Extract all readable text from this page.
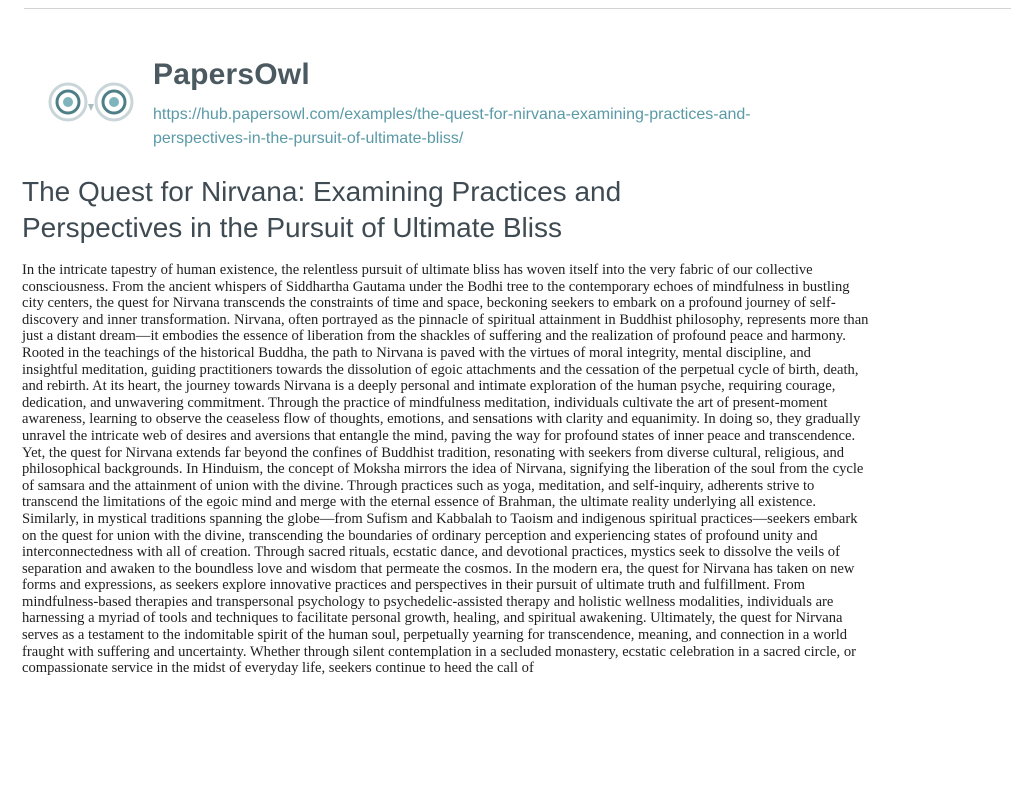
PapersOwl
https://hub.papersowl.com/examples/the-quest-for-nirvana-examining-practices-and-
perspectives-in-the-pursuit-of-ultimate-bliss/
The Quest for Nirvana: Examining Practices and
Perspectives in the Pursuit of Ultimate Bliss

In the intricate tapestry of human existence, the relentless pursuit of ultimate bliss has woven itself into the very fabric of our collective
consciousness. From the ancient whispers of Siddhartha Gautama under the Bodhi tree to the contemporary echoes of mindfulness in bustling
city centers, the quest for Nirvana transcends the constraints of time and space, beckoning seekers to embark on a profound journey of self-
discovery and inner transformation. Nirvana, often portrayed as the pinnacle of spiritual attainment in Buddhist philosophy, represents more than
just a distant dream—it embodies the essence of liberation from the shackles of suffering and the realization of profound peace and harmony.
Rooted in the teachings of the historical Buddha, the path to Nirvana is paved with the virtues of moral integrity, mental discipline, and
insightful meditation, guiding practitioners towards the dissolution of egoic attachments and the cessation of the perpetual cycle of birth, death,
and rebirth. At its heart, the journey towards Nirvana is a deeply personal and intimate exploration of the human psyche, requiring courage,
dedication, and unwavering commitment. Through the practice of mindfulness meditation, individuals cultivate the art of present-moment
awareness, learning to observe the ceaseless flow of thoughts, emotions, and sensations with clarity and equanimity. In doing so, they gradually
unravel the intricate web of desires and aversions that entangle the mind, paving the way for profound states of inner peace and transcendence.
Yet, the quest for Nirvana extends far beyond the confines of Buddhist tradition, resonating with seekers from diverse cultural, religious, and
philosophical backgrounds. In Hinduism, the concept of Moksha mirrors the idea of Nirvana, signifying the liberation of the soul from the cycle
of samsara and the attainment of union with the divine. Through practices such as yoga, meditation, and self-inquiry, adherents strive to
transcend the limitations of the egoic mind and merge with the eternal essence of Brahman, the ultimate reality underlying all existence.
Similarly, in mystical traditions spanning the globe—from Sufism and Kabbalah to Taoism and indigenous spiritual practices—seekers embark
on the quest for union with the divine, transcending the boundaries of ordinary perception and experiencing states of profound unity and
interconnectedness with all of creation. Through sacred rituals, ecstatic dance, and devotional practices, mystics seek to dissolve the veils of
separation and awaken to the boundless love and wisdom that permeate the cosmos. In the modern era, the quest for Nirvana has taken on new
forms and expressions, as seekers explore innovative practices and perspectives in their pursuit of ultimate truth and fulfillment. From
mindfulness-based therapies and transpersonal psychology to psychedelic-assisted therapy and holistic wellness modalities, individuals are
harnessing a myriad of tools and techniques to facilitate personal growth, healing, and spiritual awakening. Ultimately, the quest for Nirvana
serves as a testament to the indomitable spirit of the human soul, perpetually yearning for transcendence, meaning, and connection in a world
fraught with suffering and uncertainty. Whether through silent contemplation in a secluded monastery, ecstatic celebration in a sacred circle, or
compassionate service in the midst of everyday life, seekers continue to heed the call of
